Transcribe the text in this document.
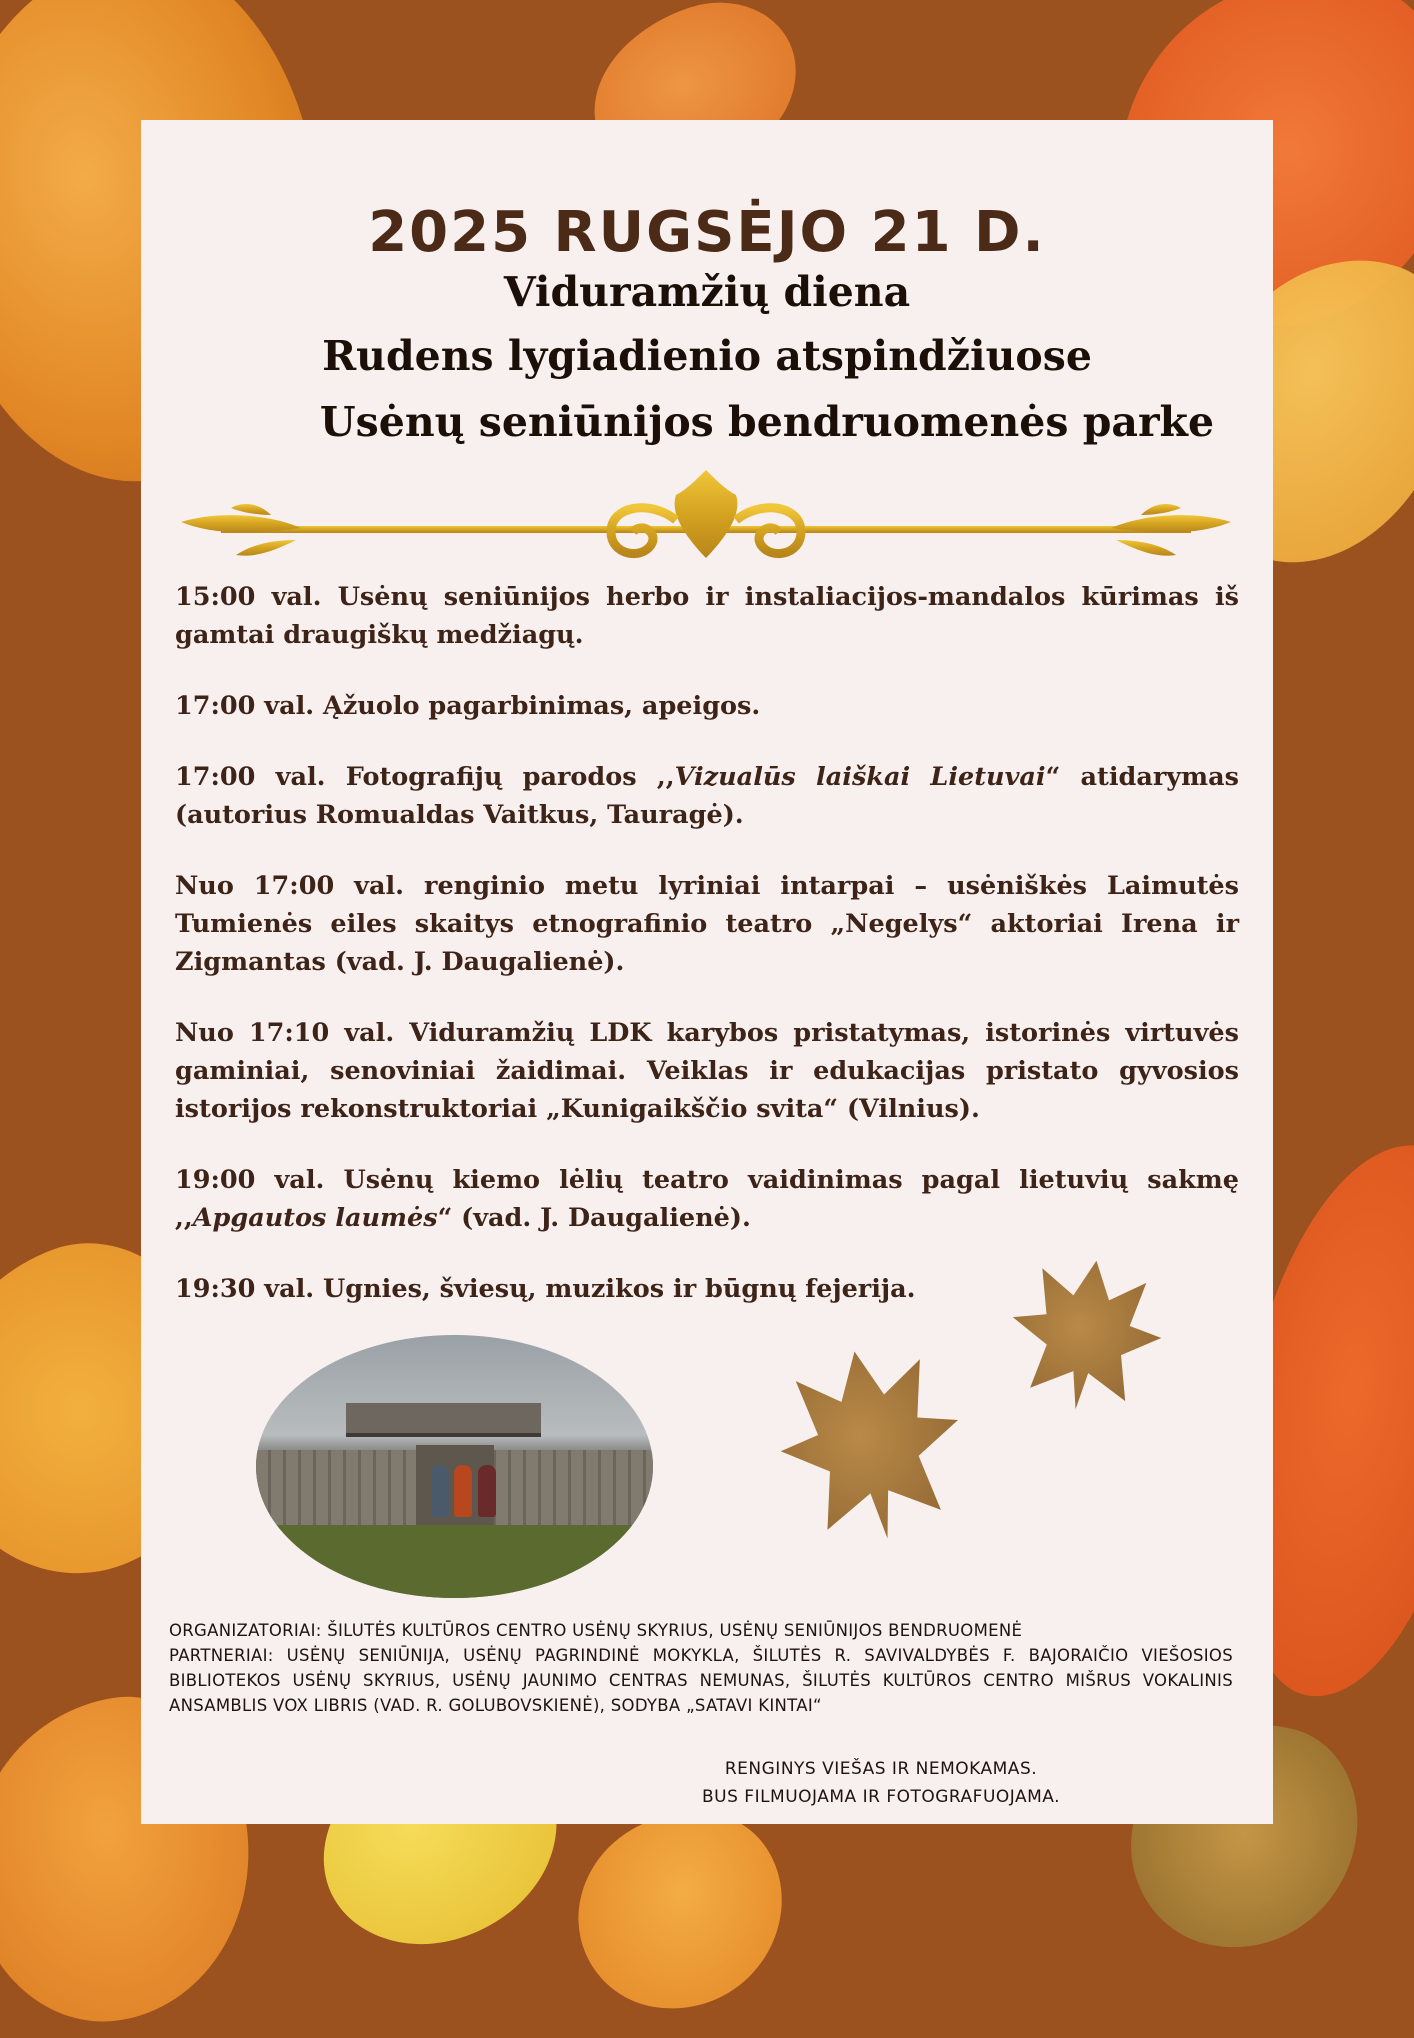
2025 RUGSĖJO 21 D.
Viduramžių diena
Rudens lygiadienio atspindžiuose
Usėnų seniūnijos bendruomenės parke
15:00 val. Usėnų seniūnijos herbo ir instaliacijos-mandalos kūrimas iš gamtai draugiškų medžiagų.
17:00 val. Ąžuolo pagarbinimas, apeigos.
17:00 val. Fotografijų parodos ,,Vizualūs laiškai Lietuvai“ atidarymas (autorius Romualdas Vaitkus, Tauragė).
Nuo 17:00 val. renginio metu lyriniai intarpai – usėniškės Laimutės Tumienės eiles skaitys etnografinio teatro „Negelys“ aktoriai Irena ir Zigmantas (vad. J. Daugalienė).
Nuo 17:10 val. Viduramžių LDK karybos pristatymas, istorinės virtuvės gaminiai, senoviniai žaidimai. Veiklas ir edukacijas pristato gyvosios istorijos rekonstruktoriai „Kunigaikščio svita“ (Vilnius).
19:00 val. Usėnų kiemo lėlių teatro vaidinimas pagal lietuvių sakmę ,,Apgautos laumės“ (vad. J. Daugalienė).
19:30 val. Ugnies, šviesų, muzikos ir būgnų fejerija.

ORGANIZATORIAI: ŠILUTĖS KULTŪROS CENTRO USĖNŲ SKYRIUS, USĖNŲ SENIŪNIJOS BENDRUOMENĖ

PARTNERIAI: USĖNŲ SENIŪNIJA, USĖNŲ PAGRINDINĖ MOKYKLA, ŠILUTĖS R. SAVIVALDYBĖS F. BAJORAIČIO VIEŠOSIOS BIBLIOTEKOS USĖNŲ SKYRIUS, USĖNŲ JAUNIMO CENTRAS NEMUNAS, ŠILUTĖS KULTŪROS CENTRO MIŠRUS VOKALINIS ANSAMBLIS VOX LIBRIS (VAD. R. GOLUBOVSKIENĖ), SODYBA „SATAVI KINTAI“

RENGINYS VIEŠAS IR NEMOKAMAS.

BUS FILMUOJAMA IR FOTOGRAFUOJAMA.
